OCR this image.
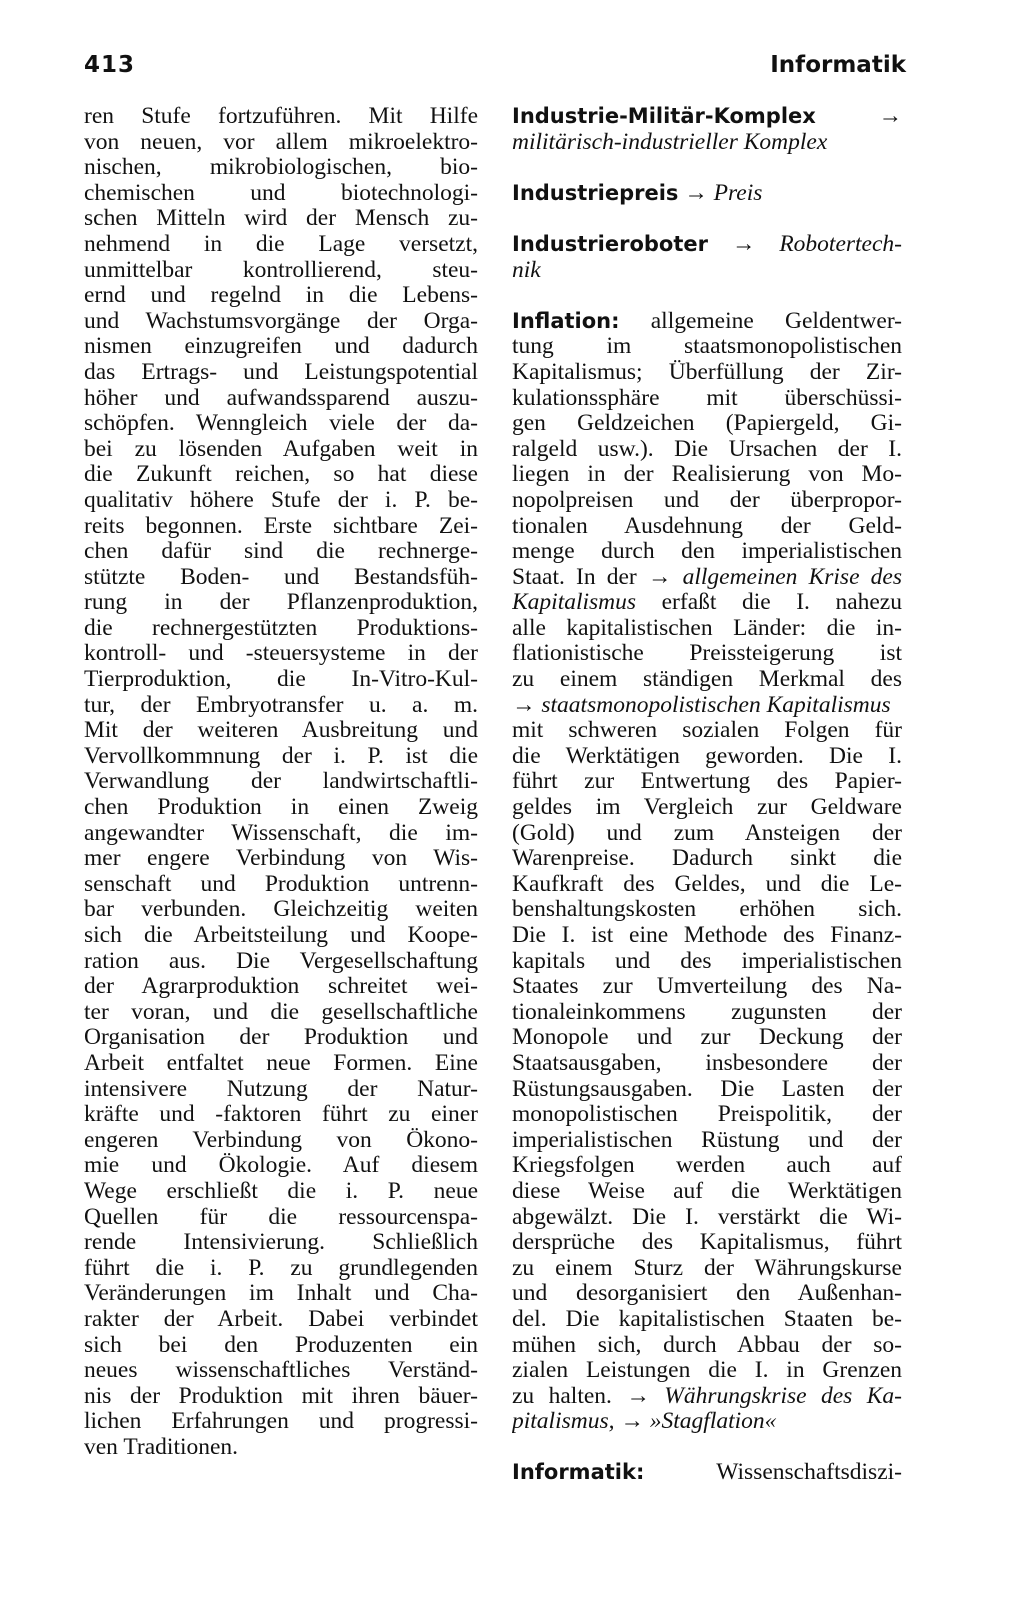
413	Informatik
ren Stufe fortzuführen. Mit Hilfe
von neuen, vor allem mikroelektro-
nischen, mikrobiologischen, bio-
chemischen und biotechnologi-
schen Mitteln wird der Mensch zu-
nehmend in die Lage versetzt,
unmittelbar kontrollierend, steu-
ernd und regelnd in die Lebens-
und Wachstumsvorgänge der Orga-
nismen einzugreifen und dadurch
das Ertrags- und Leistungspotential
höher und aufwandssparend auszu-
schöpfen. Wenngleich viele der da-
bei zu lösenden Aufgaben weit in
die Zukunft reichen, so hat diese
qualitativ höhere Stufe der i. P. be-
reits begonnen. Erste sichtbare Zei-
chen dafür sind die rechnerge-
stützte Boden- und Bestandsfüh-
rung in der Pflanzenproduktion,
die rechnergestützten Produktions-
kontroll- und -steuersysteme in der
Tierproduktion, die In-Vitro-Kul-
tur, der Embryotransfer u. a. m.
Mit der weiteren Ausbreitung und
Vervollkommnung der i. P. ist die
Verwandlung der landwirtschaftli-
chen Produktion in einen Zweig
angewandter Wissenschaft, die im-
mer engere Verbindung von Wis-
senschaft und Produktion untrenn-
bar verbunden. Gleichzeitig weiten
sich die Arbeitsteilung und Koope-
ration aus. Die Vergesellschaftung
der Agrarproduktion schreitet wei-
ter voran, und die gesellschaftliche
Organisation der Produktion und
Arbeit entfaltet neue Formen. Eine
intensivere Nutzung der Natur-
kräfte und -faktoren führt zu einer
engeren Verbindung von Ökono-
mie und Ökologie. Auf diesem
Wege erschließt die i. P. neue
Quellen für die ressourcenspa-
rende Intensivierung. Schließlich
führt die i. P. zu grundlegenden
Veränderungen im Inhalt und Cha-
rakter der Arbeit. Dabei verbindet
sich bei den Produzenten ein
neues wissenschaftliches Verständ-
nis der Produktion mit ihren bäuer-
lichen Erfahrungen und progressi-
ven Traditionen.
Industrie-Militär-Komplex	→
militärisch-industrieller Komplex
Industriepreis → Preis
Industrieroboter → Robotertech-
nik
Inflation: allgemeine Geldentwer-
tung im staatsmonopolistischen
Kapitalismus; Überfüllung der Zir-
kulationssphäre mit überschüssi-
gen Geldzeichen (Papiergeld, Gi-
ralgeld usw.). Die Ursachen der I.
liegen in der Realisierung von Mo-
nopolpreisen und der überpropor-
tionalen Ausdehnung der Geld-
menge durch den imperialistischen
Staat. In der → allgemeinen Krise des
Kapitalismus erfaßt die I. nahezu
alle kapitalistischen Länder: die in-
flationistische Preissteigerung ist
zu einem ständigen Merkmal des
→ staatsmonopolistischen Kapitalismus
mit schweren sozialen Folgen für
die Werktätigen geworden. Die I.
führt zur Entwertung des Papier-
geldes im Vergleich zur Geldware
(Gold) und zum Ansteigen der
Warenpreise. Dadurch sinkt die
Kaufkraft des Geldes, und die Le-
benshaltungskosten erhöhen sich.
Die I. ist eine Methode des Finanz-
kapitals und des imperialistischen
Staates zur Umverteilung des Na-
tionaleinkommens zugunsten der
Monopole und zur Deckung der
Staatsausgaben, insbesondere der
Rüstungsausgaben. Die Lasten der
monopolistischen Preispolitik, der
imperialistischen Rüstung und der
Kriegsfolgen werden auch auf
diese Weise auf die Werktätigen
abgewälzt. Die I. verstärkt die Wi-
dersprüche des Kapitalismus, führt
zu einem Sturz der Währungskurse
und desorganisiert den Außenhan-
del. Die kapitalistischen Staaten be-
mühen sich, durch Abbau der so-
zialen Leistungen die I. in Grenzen
zu halten. → Währungskrise des Ka-
pitalismus, → »Stagflation«
Informatik:	Wissenschaftsdiszi-
